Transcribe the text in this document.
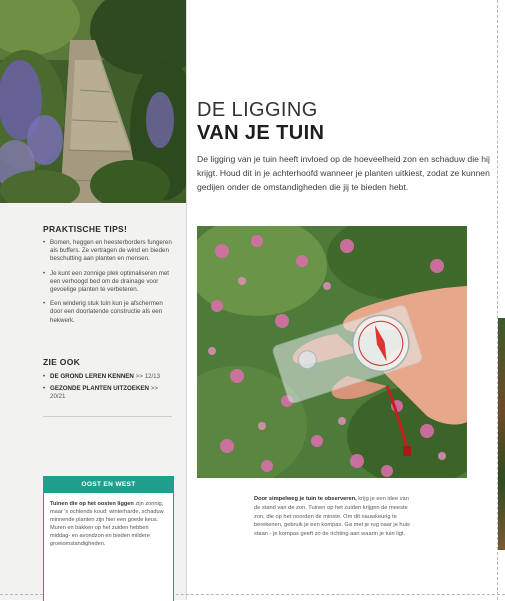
PRAKTISCHE TIPS!
• Bomen, heggen en heesterborders fungeren als buffers. Ze vertragen de wind en bieden beschutting aan planten en mensen.
• Je kunt een zonnige plek optimaliseren met een verhoogd bed om de drainage voor gevoelige planten te verbeteren.
• Een winderig stuk tuin kun je afschermen door een doorlatende constructie als een hekwerk.
ZIE OOK
• DE GROND LEREN KENNEN >> 12/13
• GEZONDE PLANTEN UITZOEKEN >> 20/21
OOST EN WEST
Tuinen die op het oosten liggen zijn zonnig, maar 's ochtends koud: winterharde, schaduw minnende planten zijn hier een goede keus. Muren en bakken op het zuiden hebben middag- en avondzon en bieden mildere groeiomstandigheden.
DE LIGGING
VAN JE TUIN
De ligging van je tuin heeft invloed op de hoeveelheid zon en schaduw die hij krijgt. Houd dit in je achterhoofd wanneer je planten uitkiest, zodat ze kunnen gedijen onder de omstandigheden die jij te bieden hebt.
Door simpelweg je tuin te observeren, krijg je een idee van de stand van de zon. Tuinen op het zuiden krijgen de meeste zon, die op het noorden de minste. Om dit nauwkeurig te berekenen, gebruik je een kompas. Ga met je rug naar je huis staan - je kompas geeft zo de richting aan waarin je tuin ligt.
